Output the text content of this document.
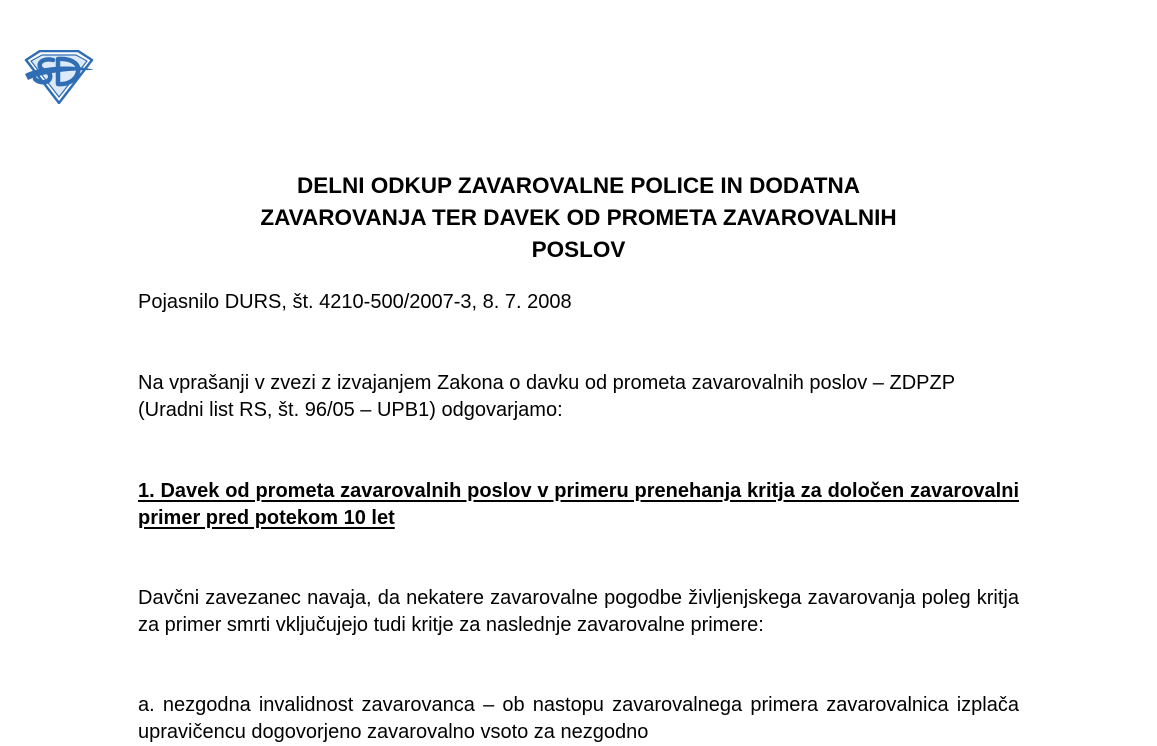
DELNI ODKUP ZAVAROVALNE POLICE IN DODATNA
ZAVAROVANJA TER DAVEK OD PROMETA ZAVAROVALNIH
POSLOV

Pojasnilo DURS, št. 4210-500/2007-3, 8. 7. 2008

Na vprašanji v zvezi z izvajanjem Zakona o davku od prometa zavarovalnih poslov – ZDPZP (Uradni list RS, št. 96/05 – UPB1) odgovarjamo:

1. Davek od prometa zavarovalnih poslov v primeru prenehanja kritja za določen zavarovalni primer pred potekom 10 let

Davčni zavezanec navaja, da nekatere zavarovalne pogodbe življenjskega zavarovanja poleg kritja za primer smrti vključujejo tudi kritje za naslednje zavarovalne primere:

a. nezgodna invalidnost zavarovanca – ob nastopu zavarovalnega primera zavarovalnica izplača upravičencu dogovorjeno zavarovalno vsoto za nezgodno
